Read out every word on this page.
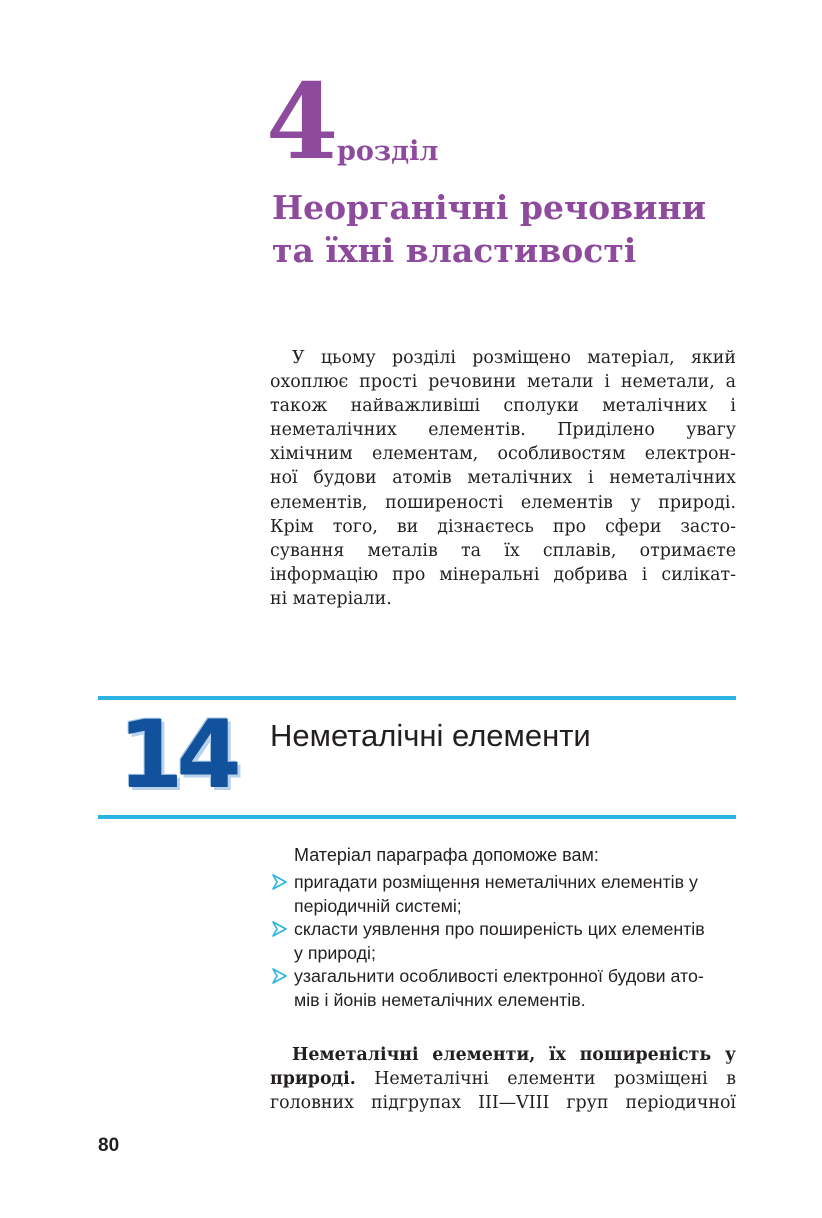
4 розділ
Неорганічні речовини
та їхні властивості

У цьому розділі розміщено матеріал, який
охоплює прості речовини метали і неметали, а
також найважливіші сполуки металічних і
неметалічних елементів. Приділено увагу
хімічним елементам, особливостям електрон-
ної будови атомів металічних і неметалічних
елементів, поширеності елементів у природі.
Крім того, ви дізнаєтесь про сфери засто-
сування металів та їх сплавів, отримаєте
інформацію про мінеральні добрива і силікат-
ні матеріали.

14 Неметалічні елементи
Матеріал параграфа допоможе вам:
пригадати розміщення неметалічних елементів у
періодичній системі;
скласти уявлення про поширеність цих елементів
у природі;
узагальнити особливості електронної будови ато-
мів і йонів неметалічних елементів.

Неметалічні елементи, їх поширеність у
природі. Неметалічні елементи розміщені в
головних підгрупах III—VIII груп періодичної

80
